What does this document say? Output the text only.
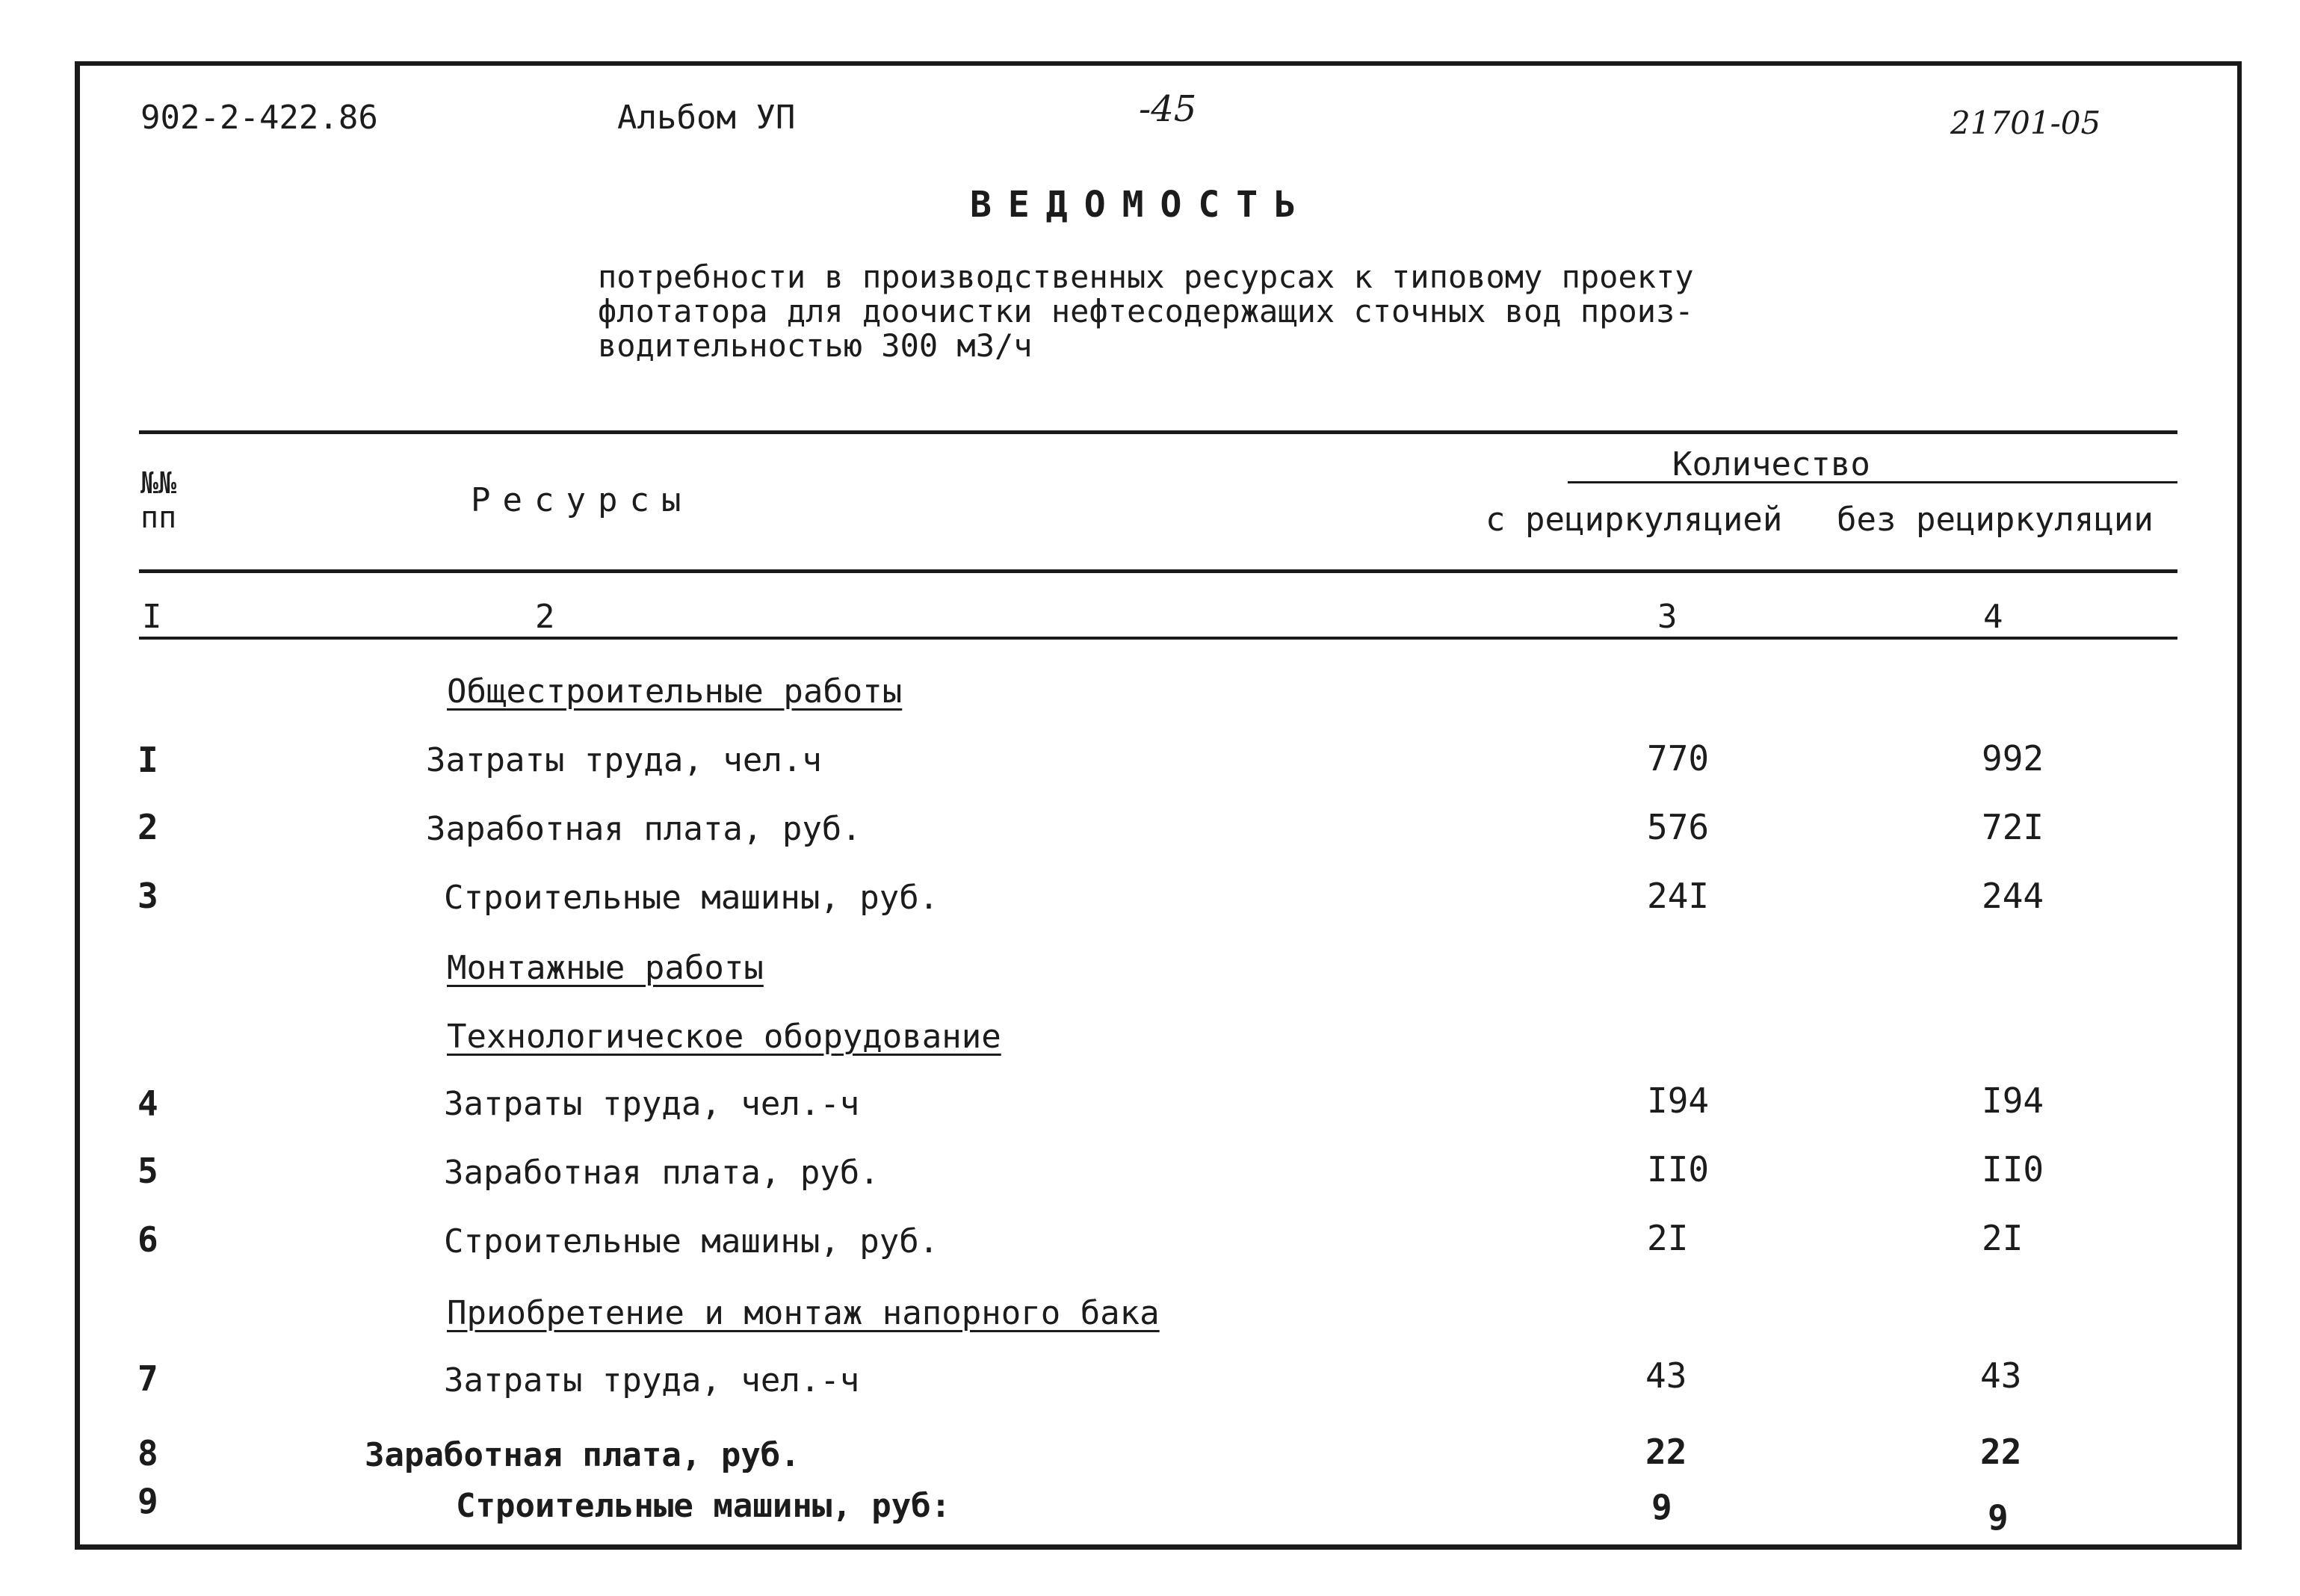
902-2-422.86	Альбом УП	-45	21701-05
ВЕДОМОСТЬ
потребности в производственных ресурсах к типовому проекту
флотатора для доочистки нефтесодержащих сточных вод произ-
водительностью 300 м3/ч
№№
пп	Ресурсы
Количество
с рециркуляцией без рециркуляции
I	2	3	4
Общестроительные работы
Монтажные работы
Технологическое оборудование
Приобретение и монтаж напорного бака
I	Затраты труда, чел.ч	770	992
2	Заработная плата, руб.	576	72I
3	Строительные машины, руб.	24I	244
4	Затраты труда, чел.-ч	I94	I94
5	Заработная плата, руб.	II0	II0
6	Строительные машины, руб.	2I	2I
7	Затраты труда, чел.-ч	43	43
8	Заработная плата, руб.	22	22
9	Строительные машины, руб:	9	9
